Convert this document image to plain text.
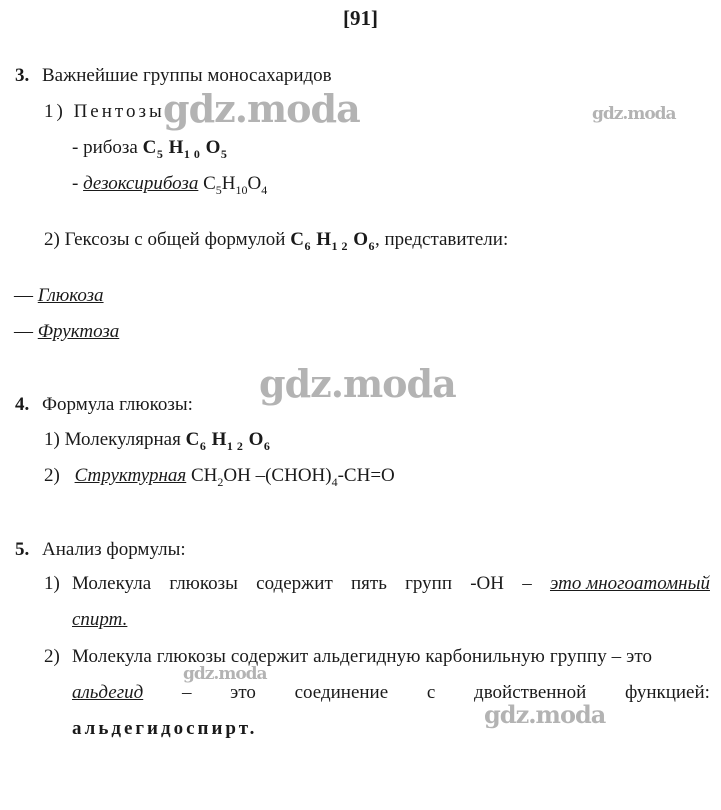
[91]
3. Важнейшие группы моносахаридов
1) Пентозы
- рибоза $C_5$ $H_{1 0}$ $O_5$
- дезоксирибоза $C_5H_{10}O_4$
2) Гексозы с общей формулой $C_6$ $H_{1 2}$ $O_6$, представители:
— Глюкоза
— Фруктоза
4. Формула глюкозы:
1) Молекулярная $C_6$ $H_{1 2}$ $O_6$
2) Структурная $CH_2OH$ $-(CHOH)_4-CH=O$
5. Анализ формулы:
1) Молекула глюкозы содержит пять групп -ОН – это многоатомный
спирт.
2) Молекула глюкозы содержит альдегидную карбонильную группу – это
альдегид – это соединение с двойственной функцией:
альдегидоспирт.
gdz.moda	gdz.moda
gdz.moda
gdz.moda
gdz.moda
